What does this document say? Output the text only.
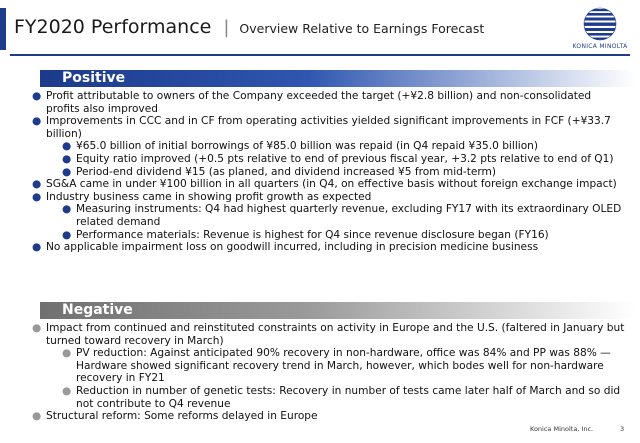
FY2020 Performance | Overview Relative to Earnings Forecast
KONICA MINOLTA
Positive
● Profit attributable to owners of the Company exceeded the target (+¥2.8 billion) and non-consolidated profits also improved
● Improvements in CCC and in CF from operating activities yielded significant improvements in FCF (+¥33.7 billion)
● ¥65.0 billion of initial borrowings of ¥85.0 billion was repaid (in Q4 repaid ¥35.0 billion)
● Equity ratio improved (+0.5 pts relative to end of previous fiscal year, +3.2 pts relative to end of Q1)
● Period-end dividend ¥15 (as planed, and dividend increased ¥5 from mid-term)
● SG&A came in under ¥100 billion in all quarters (in Q4, on effective basis without foreign exchange impact)
● Industry business came in showing profit growth as expected
● Measuring instruments: Q4 had highest quarterly revenue, excluding FY17 with its extraordinary OLED related demand
● Performance materials: Revenue is highest for Q4 since revenue disclosure began (FY16)
● No applicable impairment loss on goodwill incurred, including in precision medicine business
Negative
● Impact from continued and reinstituted constraints on activity in Europe and the U.S. (faltered in January but turned toward recovery in March)
● PV reduction: Against anticipated 90% recovery in non-hardware, office was 84% and PP was 88% — Hardware showed significant recovery trend in March, however, which bodes well for non-hardware recovery in FY21
● Reduction in number of genetic tests: Recovery in number of tests came later half of March and so did not contribute to Q4 revenue
● Structural reform: Some reforms delayed in Europe
Konica Minolta, Inc.	3
